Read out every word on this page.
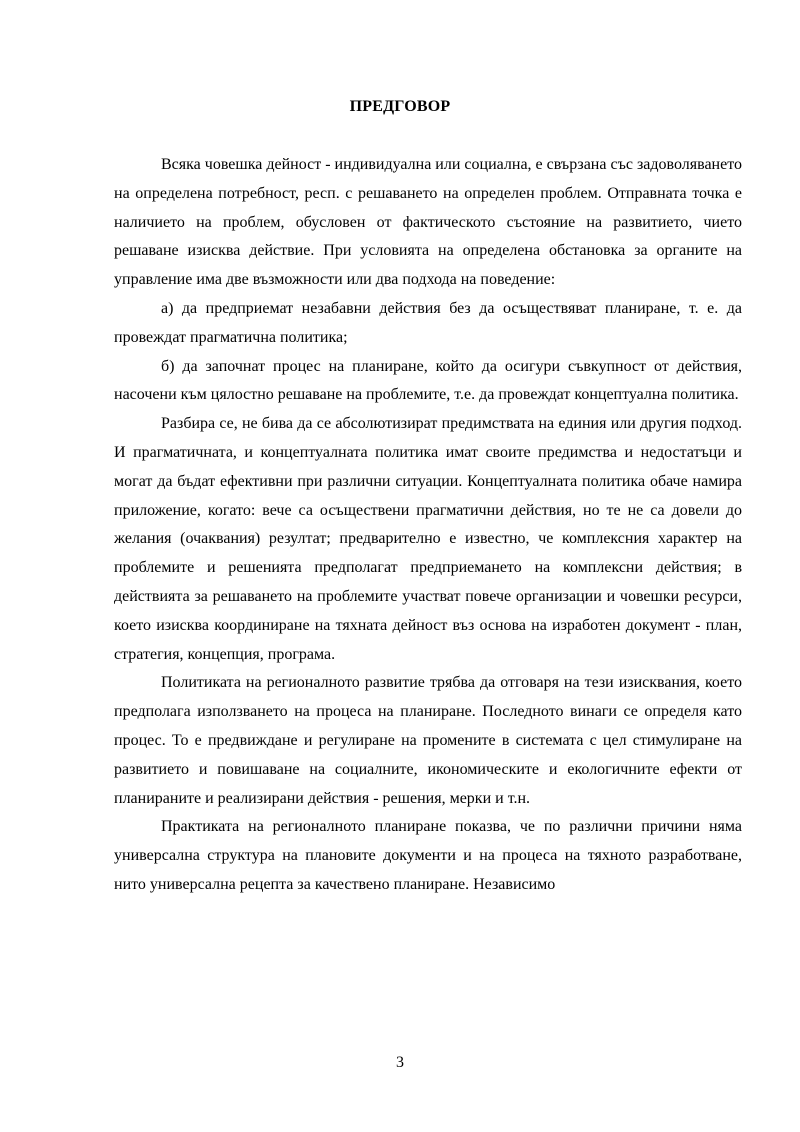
ПРЕДГОВОР

Всяка човешка дейност - индивидуална или социална, е свързана със задоволяването на определена потребност, респ. с решаването на определен проблем. Отправната точка е наличието на проблем, обусловен от фактическото състояние на развитието, чието решаване изисква действие. При условията на определена обстановка за органите на управление има две възможности или два подхода на поведение:

а) да предприемат незабавни действия без да осъществяват планиране, т. е. да провеждат прагматична политика;

б) да започнат процес на планиране, който да осигури съвкупност от действия, насочени към цялостно решаване на проблемите, т.е. да провеждат концептуална политика.

Разбира се, не бива да се абсолютизират предимствата на единия или другия подход. И прагматичната, и концептуалната политика имат своите предимства и недостатъци и могат да бъдат ефективни при различни ситуации. Концептуалната политика обаче намира приложение, когато: вече са осъществени прагматични действия, но те не са довели до желания (очаквания) резултат; предварително е известно, че комплексния характер на проблемите и решенията предполагат предприемането на комплексни действия; в действията за решаването на проблемите участват повече организации и човешки ресурси, което изисква координиране на тяхната дейност въз основа на изработен документ - план, стратегия, концепция, програма.

Политиката на регионалното развитие трябва да отговаря на тези изисквания, което предполага използването на процеса на планиране. Последното винаги се определя като процес. То е предвиждане и регулиране на промените в системата с цел стимулиране на развитието и повишаване на социалните, икономическите и екологичните ефекти от планираните и реализирани действия - решения, мерки и т.н.

Практиката на регионалното планиране показва, че по различни причини няма универсална структура на плановите документи и на процеса на тяхното разработване, нито универсална рецепта за качествено планиране. Независимо

3
